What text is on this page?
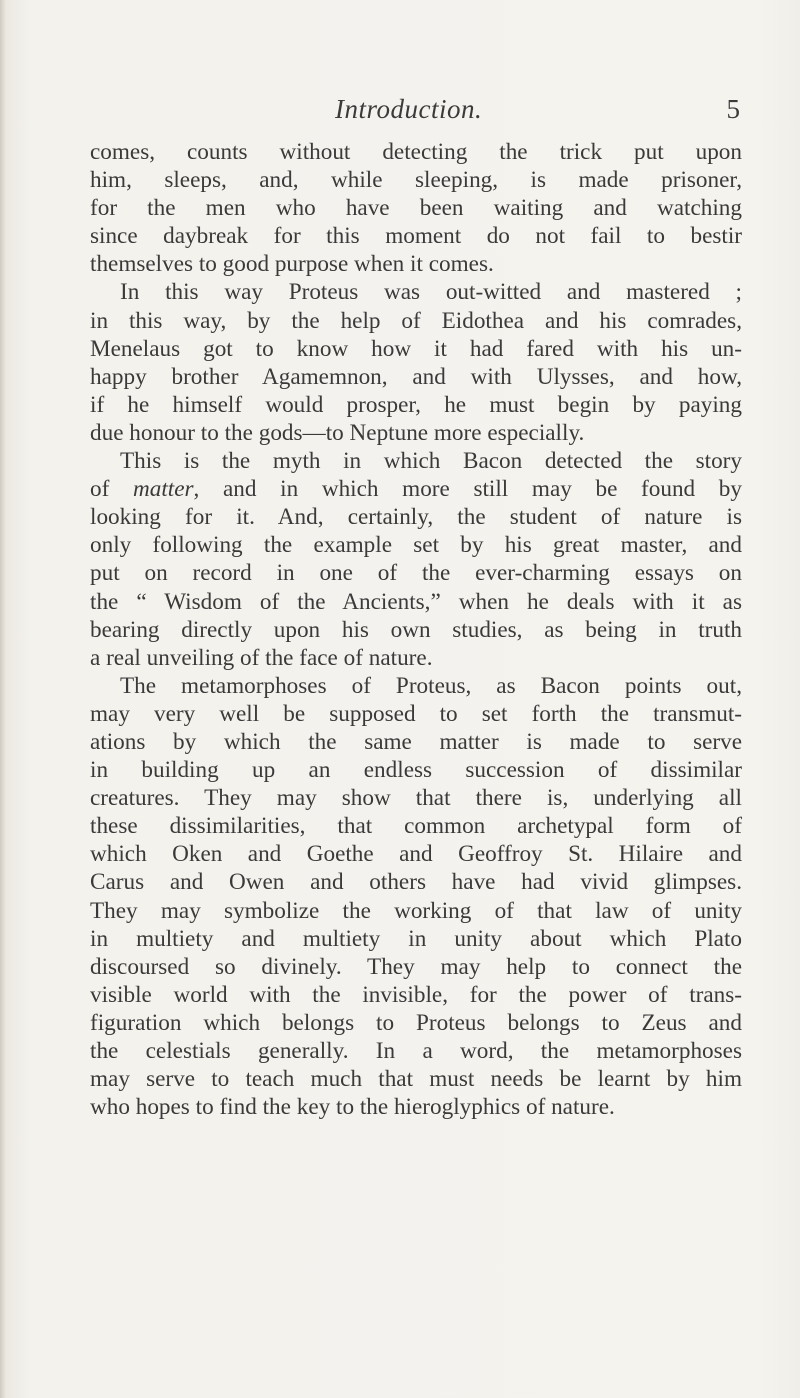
Introduction.	5
comes, counts without detecting the trick put upon
him, sleeps, and, while sleeping, is made prisoner,
for the men who have been waiting and watching
since daybreak for this moment do not fail to bestir
themselves to good purpose when it comes.
In this way Proteus was out-witted and mastered ;
in this way, by the help of Eidothea and his comrades,
Menelaus got to know how it had fared with his un-
happy brother Agamemnon, and with Ulysses, and how,
if he himself would prosper, he must begin by paying
due honour to the gods—to Neptune more especially.
This is the myth in which Bacon detected the story
of matter, and in which more still may be found by
looking for it. And, certainly, the student of nature is
only following the example set by his great master, and
put on record in one of the ever-charming essays on
the “ Wisdom of the Ancients,” when he deals with it as
bearing directly upon his own studies, as being in truth
a real unveiling of the face of nature.
The metamorphoses of Proteus, as Bacon points out,
may very well be supposed to set forth the transmut-
ations by which the same matter is made to serve
in building up an endless succession of dissimilar
creatures. They may show that there is, underlying all
these dissimilarities, that common archetypal form of
which Oken and Goethe and Geoffroy St. Hilaire and
Carus and Owen and others have had vivid glimpses.
They may symbolize the working of that law of unity
in multiety and multiety in unity about which Plato
discoursed so divinely. They may help to connect the
visible world with the invisible, for the power of trans-
figuration which belongs to Proteus belongs to Zeus and
the celestials generally. In a word, the metamorphoses
may serve to teach much that must needs be learnt by him
who hopes to find the key to the hieroglyphics of nature.
